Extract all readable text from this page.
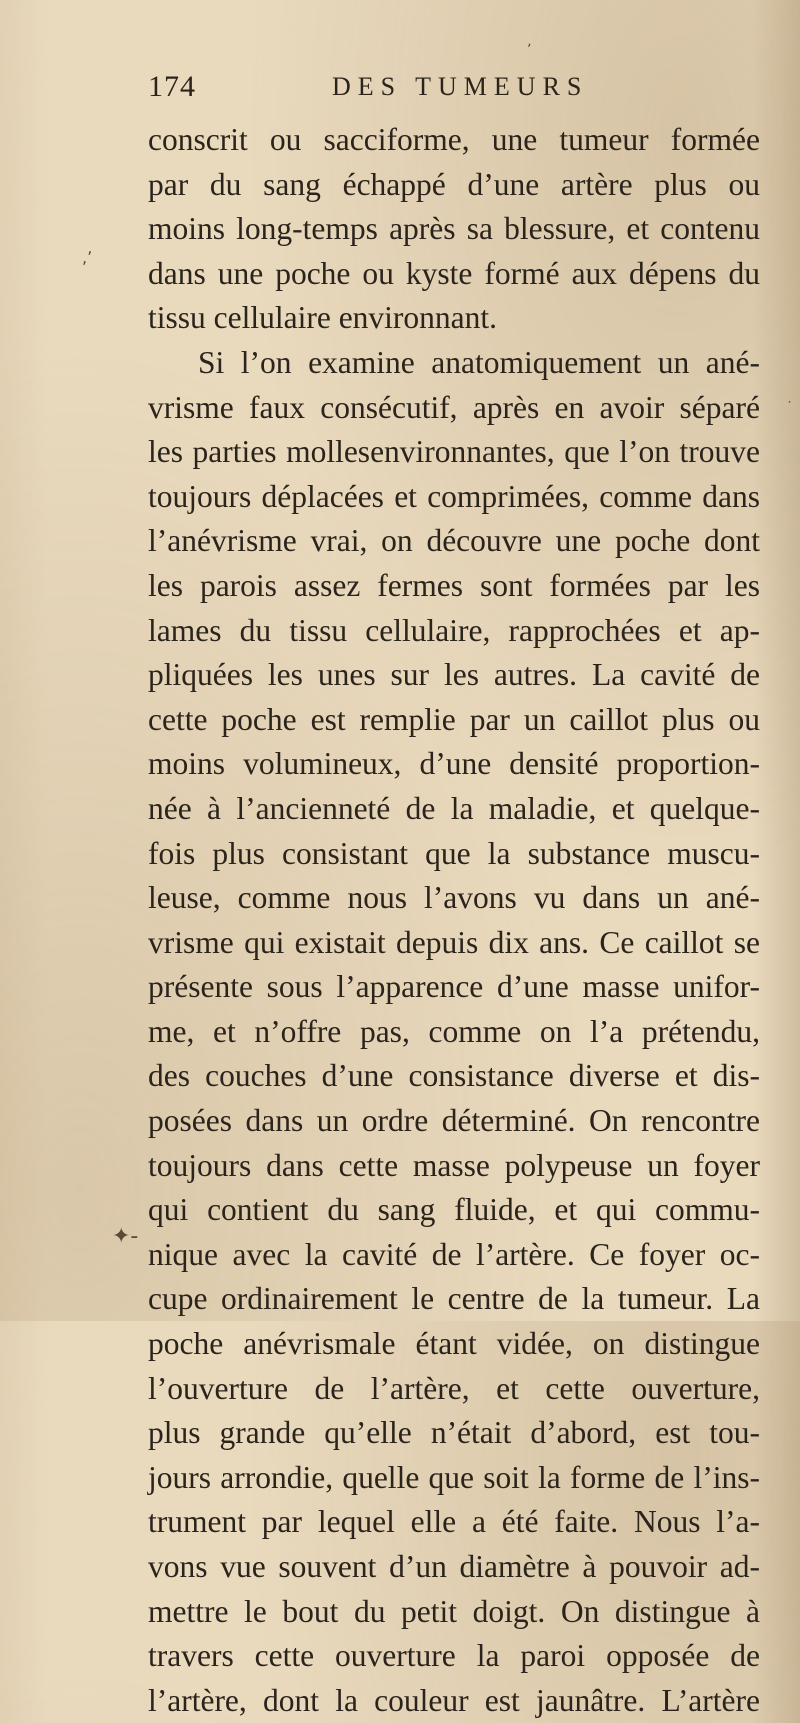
ʼ
,ʼ
✦-
˙
174	DES TUMEURS
conscrit ou sacciforme, une tumeur formée
par du sang échappé d’une artère plus ou
moins long-temps après sa blessure, et contenu
dans une poche ou kyste formé aux dépens du
tissu cellulaire environnant.
Si l’on examine anatomiquement un ané-
vrisme faux consécutif, après en avoir séparé
les parties mollesenvironnantes, que l’on trouve
toujours déplacées et comprimées, comme dans
l’anévrisme vrai, on découvre une poche dont
les parois assez fermes sont formées par les
lames du tissu cellulaire, rapprochées et ap-
pliquées les unes sur les autres. La cavité de
cette poche est remplie par un caillot plus ou
moins volumineux, d’une densité proportion-
née à l’ancienneté de la maladie, et quelque-
fois plus consistant que la substance muscu-
leuse, comme nous l’avons vu dans un ané-
vrisme qui existait depuis dix ans. Ce caillot se
présente sous l’apparence d’une masse unifor-
me, et n’offre pas, comme on l’a prétendu,
des couches d’une consistance diverse et dis-
posées dans un ordre déterminé. On rencontre
toujours dans cette masse polypeuse un foyer
qui contient du sang fluide, et qui commu-
nique avec la cavité de l’artère. Ce foyer oc-
cupe ordinairement le centre de la tumeur. La
poche anévrismale étant vidée, on distingue
l’ouverture de l’artère, et cette ouverture,
plus grande qu’elle n’était d’abord, est tou-
jours arrondie, quelle que soit la forme de l’ins-
trument par lequel elle a été faite. Nous l’a-
vons vue souvent d’un diamètre à pouvoir ad-
mettre le bout du petit doigt. On distingue à
travers cette ouverture la paroi opposée de
l’artère, dont la couleur est jaunâtre. L’artère
